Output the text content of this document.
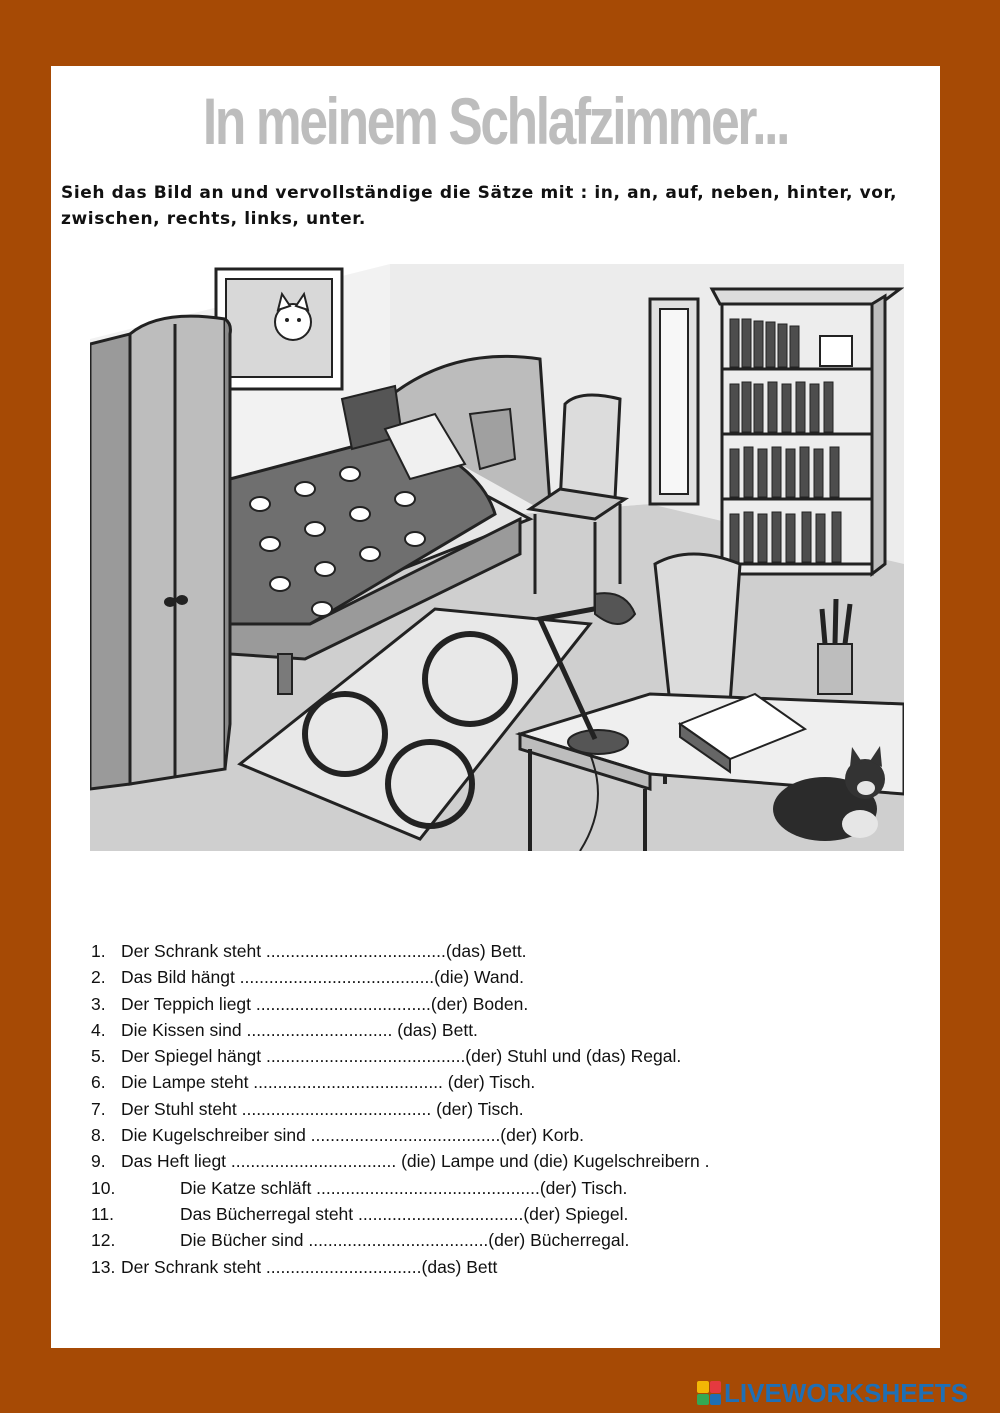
In meinem Schlafzimmer...
Sieh das Bild an und vervollständige die Sätze mit : in, an, auf, neben, hinter, vor, zwischen, rechts, links, unter.
1. Der Schrank steht .....................................(das) Bett.
2. Das Bild hängt ........................................(die) Wand.
3. Der Teppich liegt ....................................(der) Boden.
4. Die Kissen sind .............................. (das) Bett.
5. Der Spiegel hängt .........................................(der) Stuhl und (das) Regal.
6. Die Lampe steht ....................................... (der) Tisch.
7. Der Stuhl steht ....................................... (der) Tisch.
8. Die Kugelschreiber sind .......................................(der) Korb.
9. Das Heft liegt .................................. (die) Lampe und (die) Kugelschreibern .
10.	Die Katze schläft ..............................................(der) Tisch.
11.	Das Bücherregal steht ..................................(der) Spiegel.
12.	Die Bücher sind .....................................(der) Bücherregal.
13. Der Schrank steht ................................(das) Bett
LIVEWORKSHEETS
